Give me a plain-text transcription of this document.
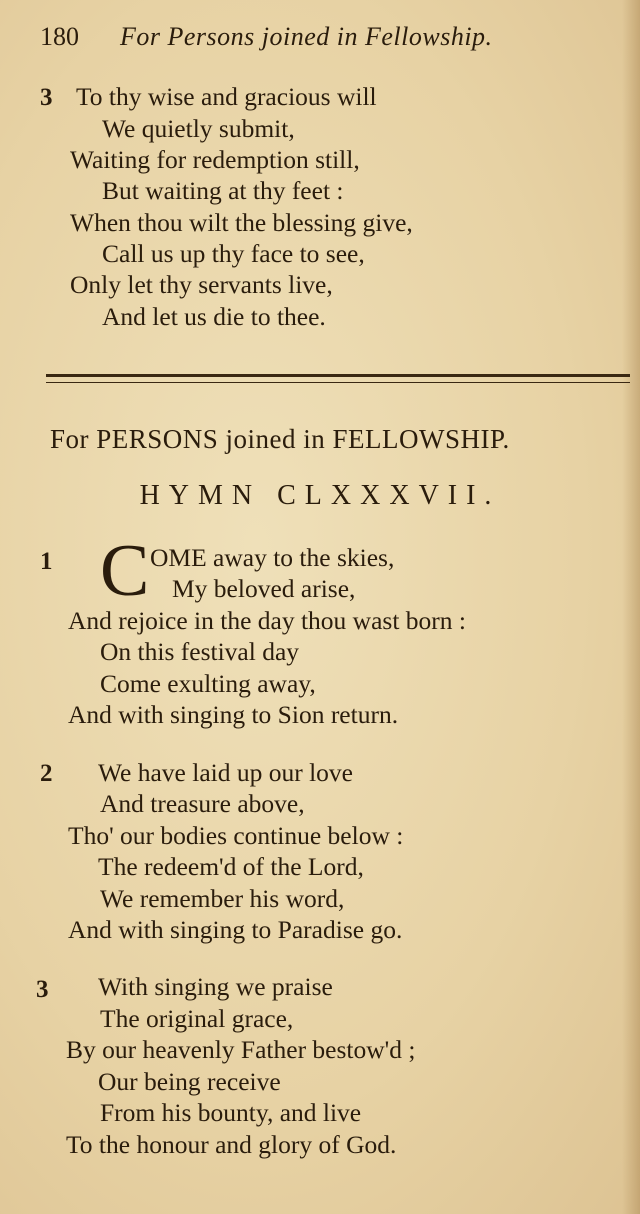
180 For Persons joined in Fellowship.
3 To thy wise and gracious will
We quietly submit,
Waiting for redemption still,
But waiting at thy feet :
When thou wilt the blessing give,
Call us up thy face to see,
Only let thy servants live,
And let us die to thee.
For PERSONS joined in FELLOWSHIP.
HYMN CLXXXVII.
1 C OME away to the skies,
My beloved arise,
And rejoice in the day thou wast born :
On this festival day
Come exulting away,
And with singing to Sion return.
2 We have laid up our love
And treasure above,
Tho' our bodies continue below :
The redeem'd of the Lord,
We remember his word,
And with singing to Paradise go.
3 With singing we praise
The original grace,
By our heavenly Father bestow'd ;
Our being receive
From his bounty, and live
To the honour and glory of God.
